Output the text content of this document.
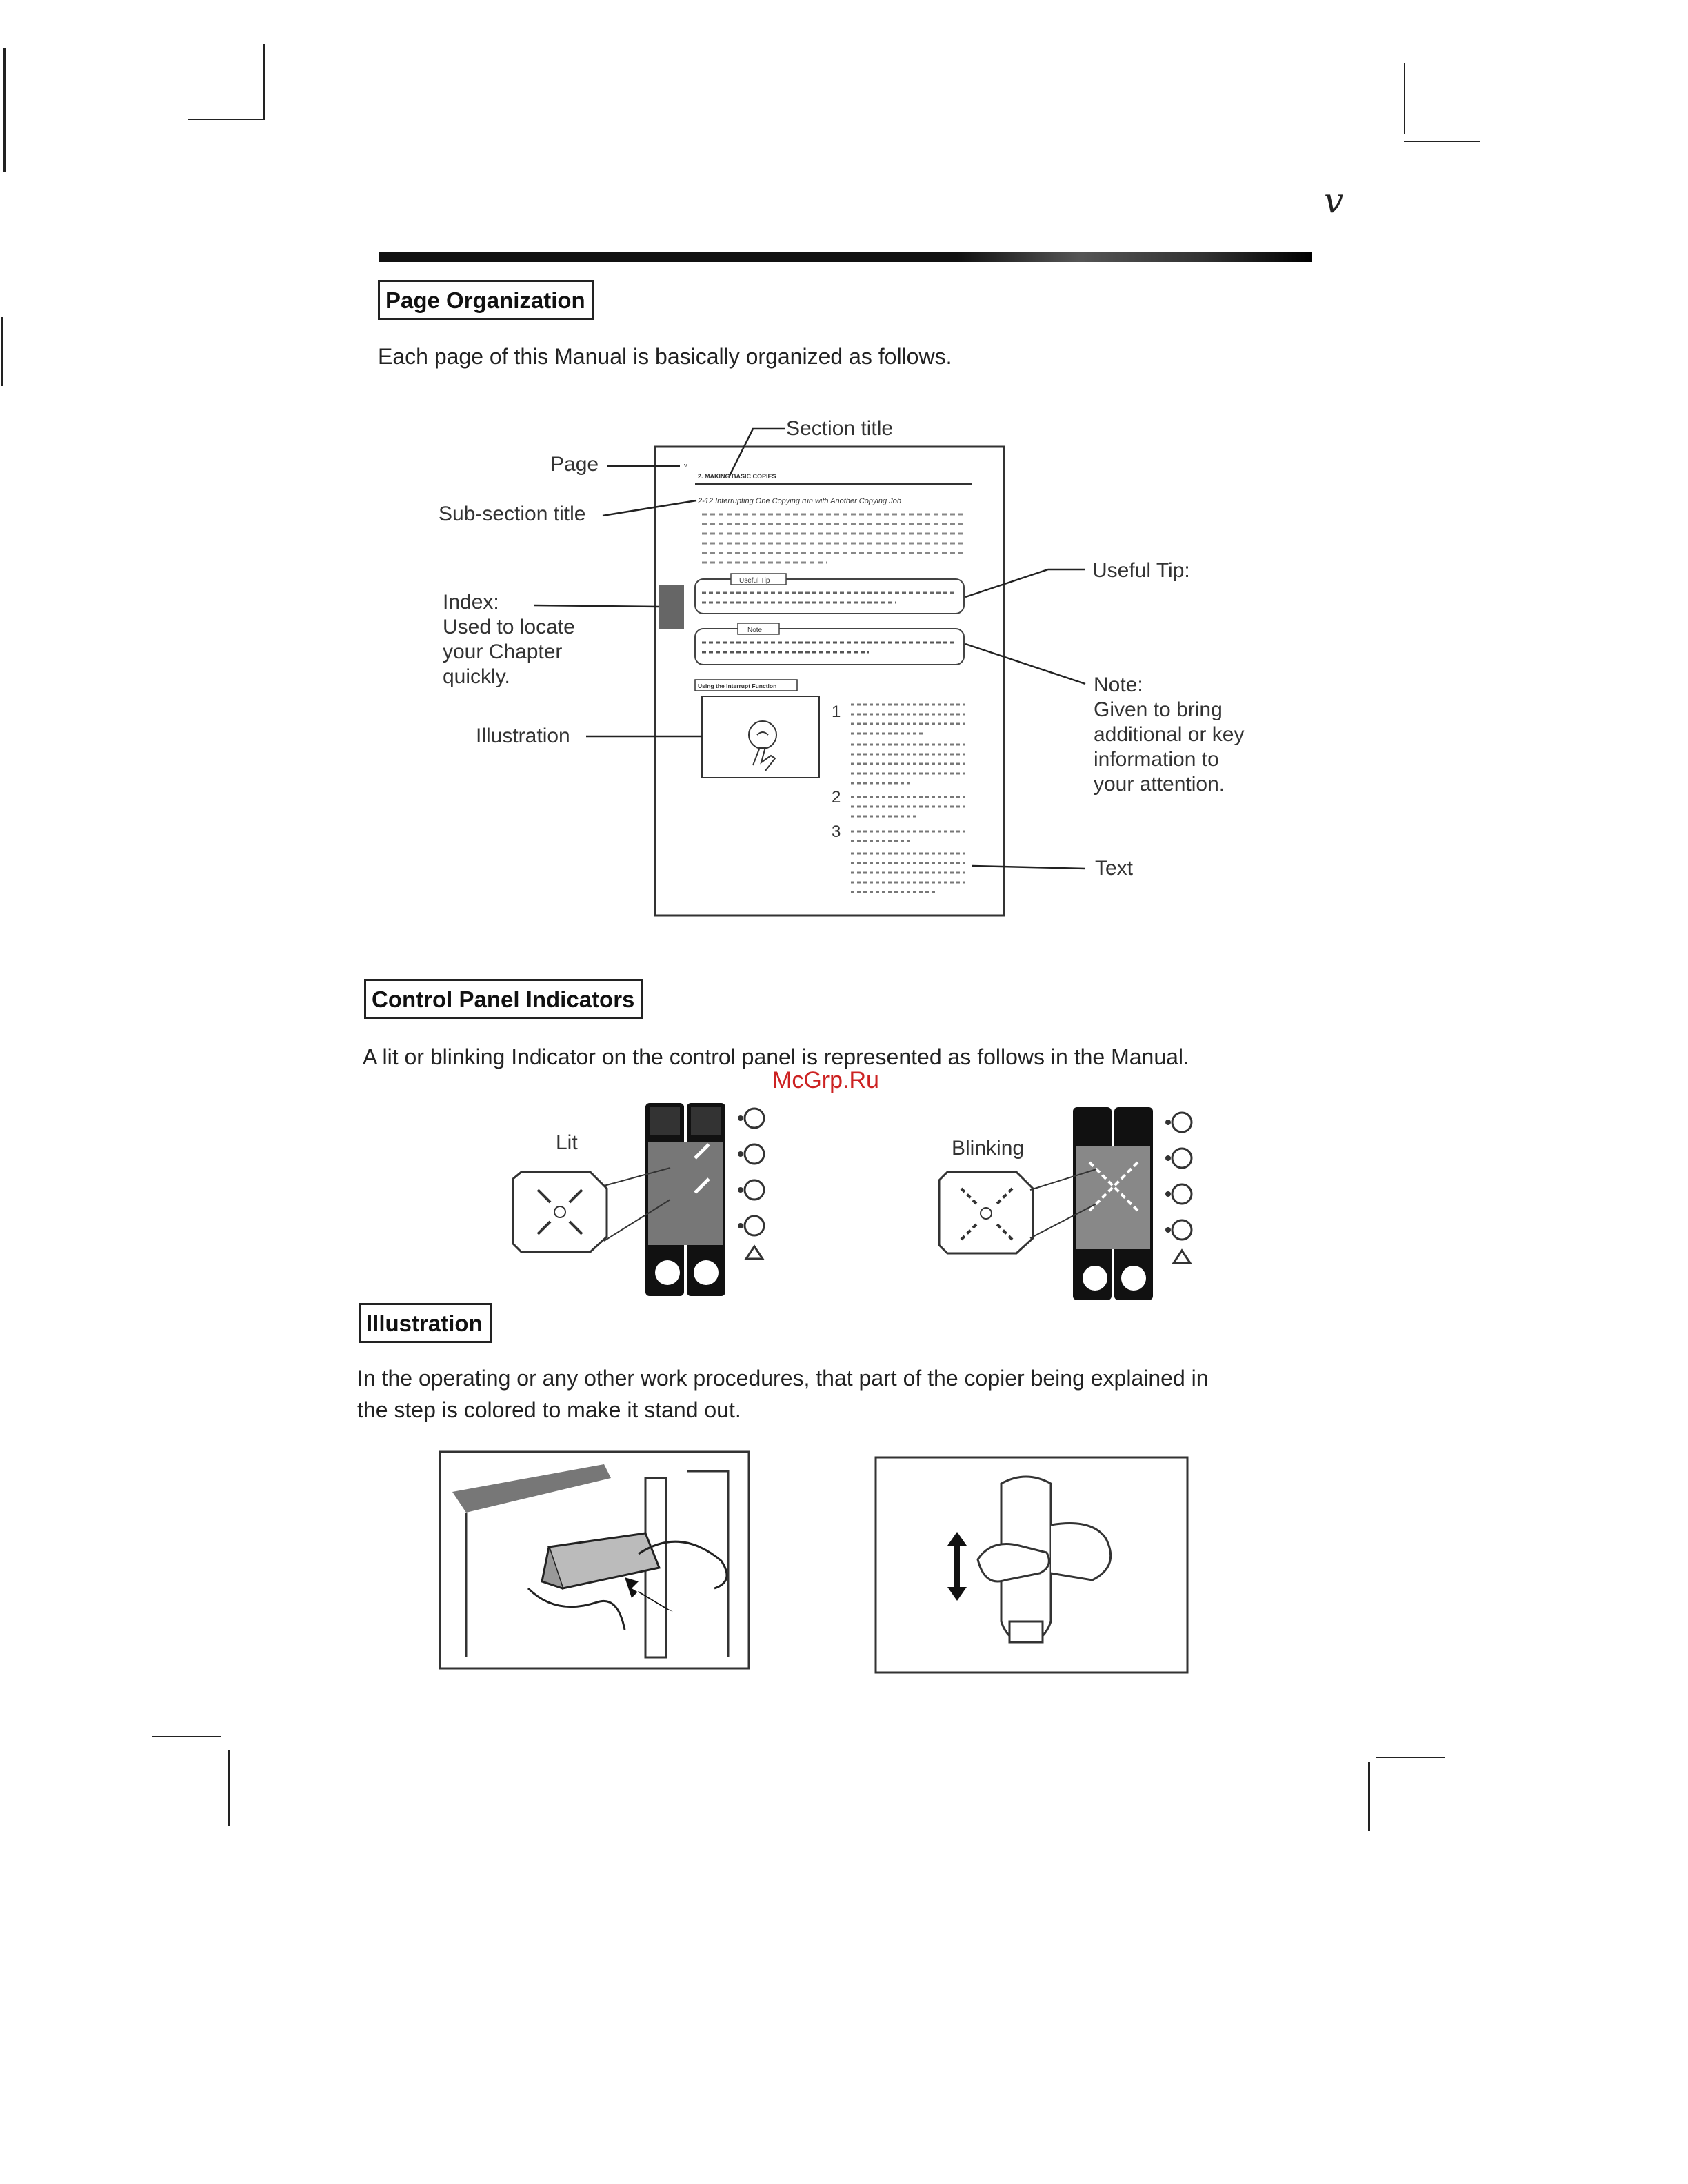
v
Page Organization
Each page of this Manual is basically organized as follows.
v
2. MAKING BASIC COPIES
2-12 Interrupting One Copying run with Another Copying Job
Useful Tip
Note
Using the Interrupt Function
1
2
3
Section title
Page
Sub-section title
Index:
Used to locate
your Chapter
quickly.
Illustration
Useful Tip:
Note:
Given to bring
additional or key
information to
your attention.
Text
Control Panel Indicators
A lit or blinking Indicator on the control panel is represented as follows in the Manual.
McGrp.Ru
Lit	Blinking
Illustration
In the operating or any other work procedures, that part of the copier being explained in the step is colored to make it stand out.
